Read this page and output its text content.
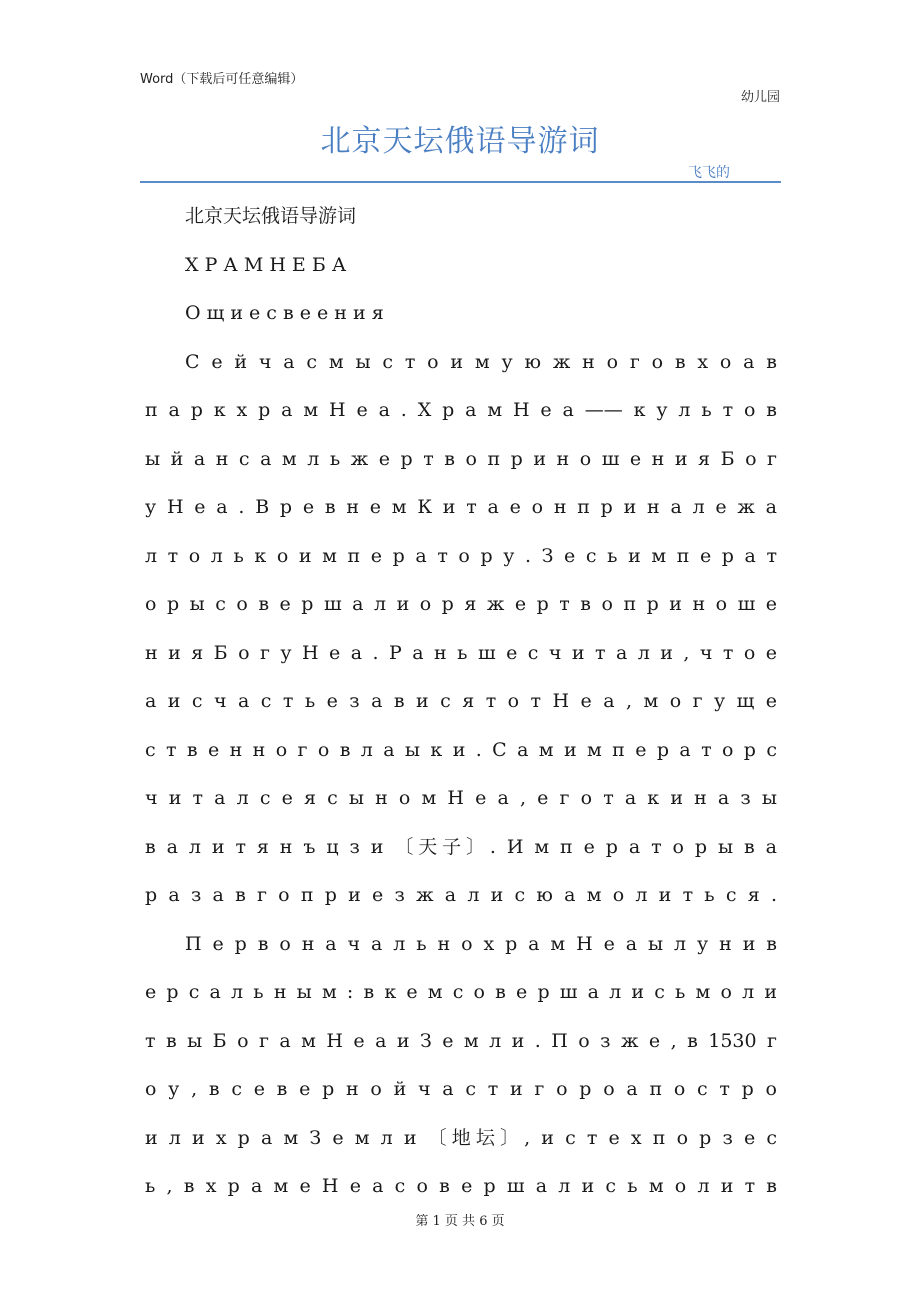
Word（下载后可任意编辑）
幼儿园
北京天坛俄语导游词
飞飞的
北京天坛俄语导游词
Х Р А М Н Е Б А
О щ и е с в е е н и я
С е й ч а с м ы с т о и м у ю ж н о г о в х о а в
п а р к х р а м Н е а . Х р а м Н е а —— к у л ь т о в
ы й а н с а м л ь ж е р т в о п р и н о ш е н и я Б о г
у Н е а . В р е в н е м К и т а е о н п р и н а л е ж а
л т о л ь к о и м п е р а т о р у . З е с ь и м п е р а т
о р ы с о в е р ш а л и о р я ж е р т в о п р и н о ш е
н и я Б о г у Н е а . Р а н ь ш е с ч и т а л и , ч т о е
а и с ч а с т ь е з а в и с я т о т Н е а , м о г у щ е
с т в е н н о г о в л а ы к и . С а м и м п е р а т о р с
ч и т а л с е я с ы н о м Н е а , е г о т а к и н а з ы
в а л и т я н ъ ц з и 〔天子〕. И м п е р а т о р ы в а
р а з а в г о п р и е з ж а л и с ю а м о л и т ь с я .
П е р в о н а ч а л ь н о х р а м Н е а ы л у н и в
е р с а л ь н ы м : в к е м с о в е р ш а л и с ь м о л и
т в ы Б о г а м Н е а и З е м л и . П о з ж е , в 1530 г
о у , в с е в е р н о й ч а с т и г о р о а п о с т р о
и л и х р а м З е м л и 〔地坛〕, и с т е х п о р з е с
ь , в х р а м е Н е а с о в е р ш а л и с ь м о л и т в
第 1 页 共 6 页
